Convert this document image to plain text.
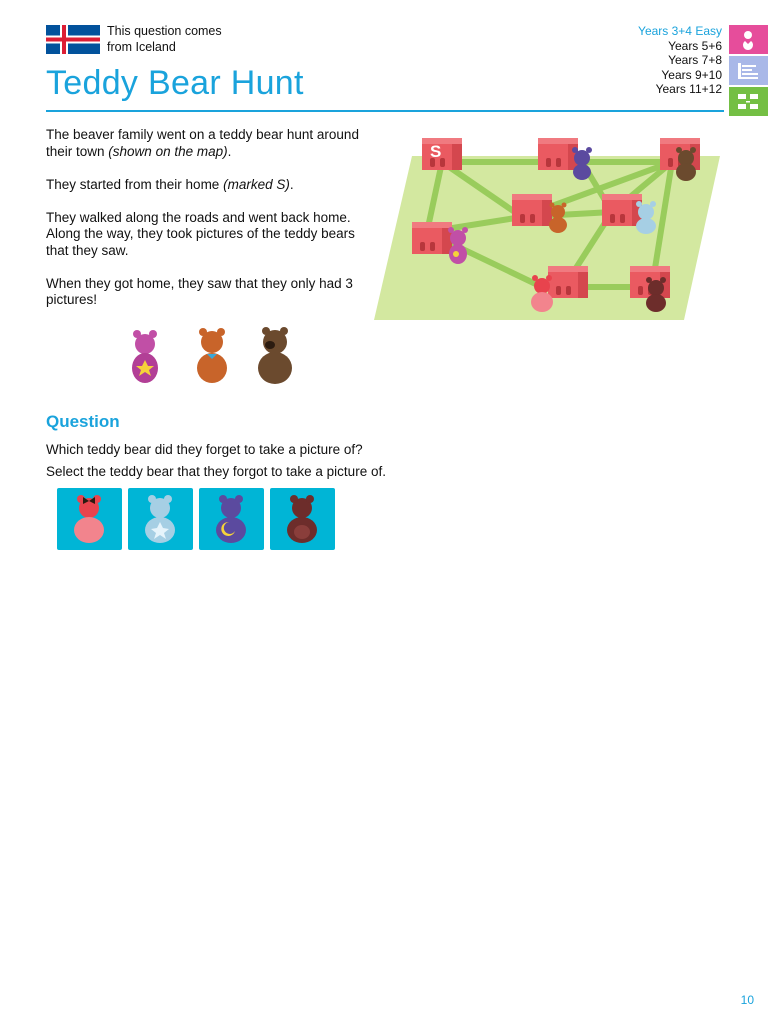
This question comes
from Iceland
Teddy Bear Hunt
Years 3+4 Easy
Years 5+6
Years 7+8
Years 9+10
Years 11+12

The beaver family went on a teddy bear hunt around their town (shown on the map).

They started from their home (marked S).

They walked along the roads and went back home. Along the way, they took pictures of the teddy bears that they saw.

When they got home, they saw that they only had 3 pictures!

S
Question
Which teddy bear did they forget to take a picture of?
Select the teddy bear that they forgot to take a picture of.
10
